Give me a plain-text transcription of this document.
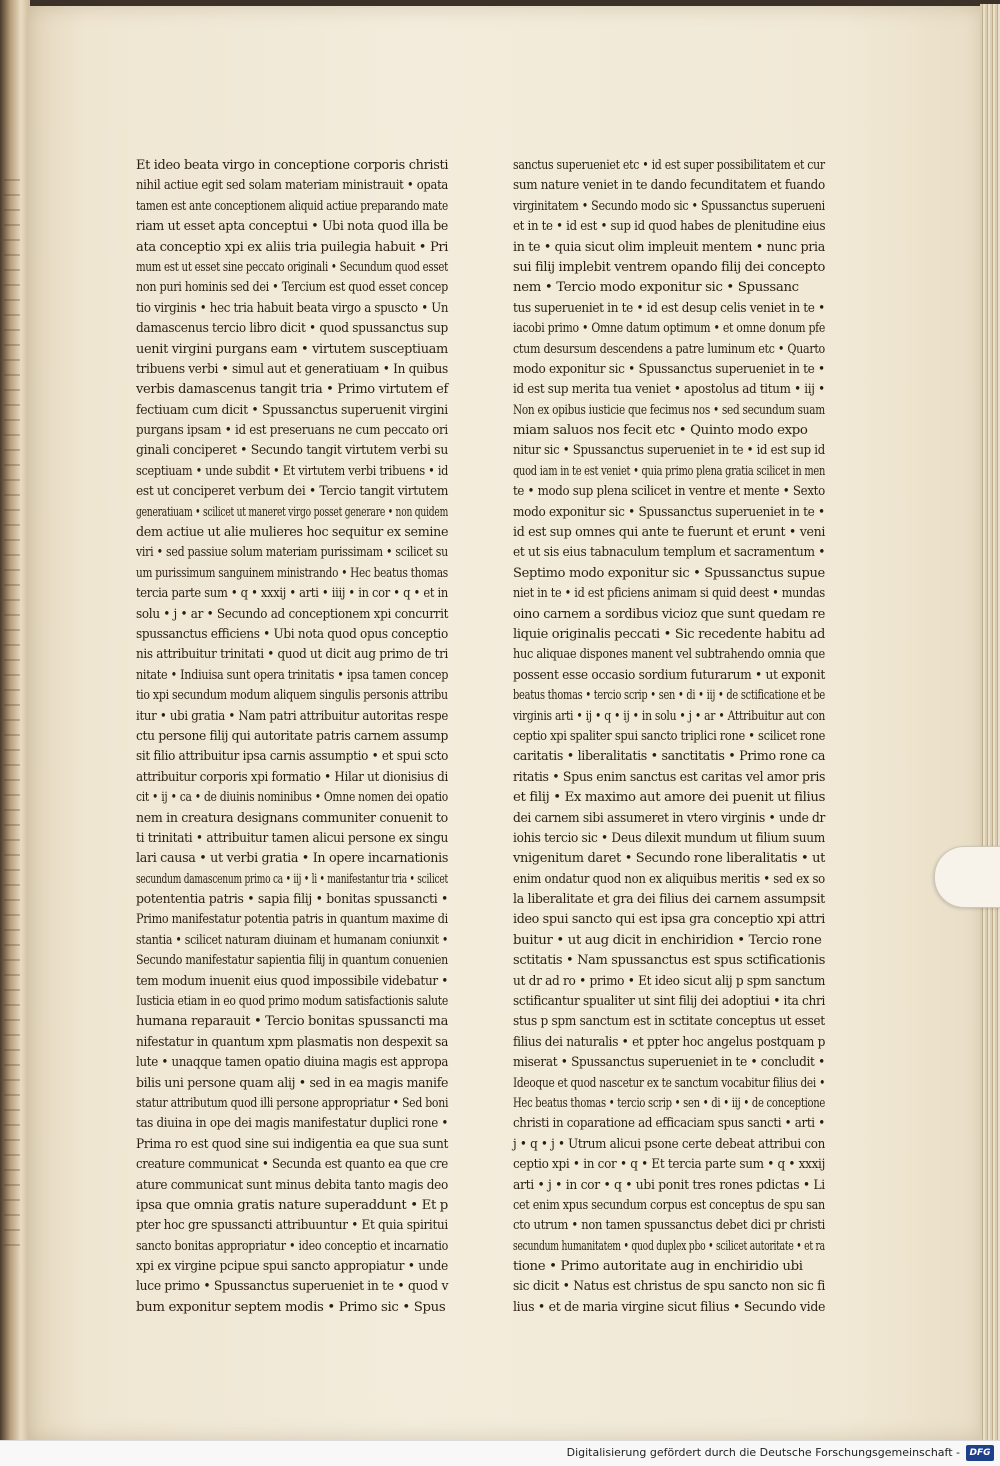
Et ideo beata virgo in conceptione corporis christi
nihil actiue egit sed solam materiam ministrauit • opata
tamen est ante conceptionem aliquid actiue preparando mate
riam ut esset apta conceptui • Ubi nota quod illa be
ata conceptio xpi ex aliis tria puilegia habuit • Pri
mum est ut esset sine peccato originali • Secundum quod esset
non puri hominis sed dei • Tercium est quod esset concep
tio virginis • hec tria habuit beata virgo a spuscto • Un
damascenus tercio libro dicit • quod spussanctus sup
uenit virgini purgans eam • virtutem susceptiuam
tribuens verbi • simul aut et generatiuam • In quibus
verbis damascenus tangit tria • Primo virtutem ef
fectiuam cum dicit • Spussanctus superuenit virgini
purgans ipsam • id est preseruans ne cum peccato ori
ginali conciperet • Secundo tangit virtutem verbi su
sceptiuam • unde subdit • Et virtutem verbi tribuens • id
est ut conciperet verbum dei • Tercio tangit virtutem
generatiuam • scilicet ut maneret virgo posset generare • non quidem
dem actiue ut alie mulieres hoc sequitur ex semine
viri • sed passiue solum materiam purissimam • scilicet su
um purissimum sanguinem ministrando • Hec beatus thomas
tercia parte sum • q • xxxij • arti • iiij • in cor • q • et in
solu • j • ar • Secundo ad conceptionem xpi concurrit
spussanctus efficiens • Ubi nota quod opus conceptio
nis attribuitur trinitati • quod ut dicit aug primo de tri
nitate • Indiuisa sunt opera trinitatis • ipsa tamen concep
tio xpi secundum modum aliquem singulis personis attribu
itur • ubi gratia • Nam patri attribuitur autoritas respe
ctu persone filij qui autoritate patris carnem assump
sit filio attribuitur ipsa carnis assumptio • et spui scto
attribuitur corporis xpi formatio • Hilar ut dionisius di
cit • ij • ca • de diuinis nominibus • Omne nomen dei opatio
nem in creatura designans communiter conuenit to
ti trinitati • attribuitur tamen alicui persone ex singu
lari causa • ut verbi gratia • In opere incarnationis
secundum damascenum primo ca • iij • li • manifestantur tria • scilicet
potententia patris • sapia filij • bonitas spussancti •
Primo manifestatur potentia patris in quantum maxime di
stantia • scilicet naturam diuinam et humanam coniunxit •
Secundo manifestatur sapientia filij in quantum conuenien
tem modum inuenit eius quod impossibile videbatur •
Iusticia etiam in eo quod primo modum satisfactionis salute
humana reparauit • Tercio bonitas spussancti ma
nifestatur in quantum xpm plasmatis non despexit sa
lute • unaqque tamen opatio diuina magis est appropa
bilis uni persone quam alij • sed in ea magis manife
statur attributum quod illi persone appropriatur • Sed boni
tas diuina in ope dei magis manifestatur duplici rone •
Prima ro est quod sine sui indigentia ea que sua sunt
creature communicat • Secunda est quanto ea que cre
ature communicat sunt minus debita tanto magis deo
ipsa que omnia gratis nature superaddunt • Et p
pter hoc gre spussancti attribuuntur • Et quia spiritui
sancto bonitas appropriatur • ideo conceptio et incarnatio
xpi ex virgine pcipue spui sancto appropiatur • unde
luce primo • Spussanctus superueniet in te • quod v
bum exponitur septem modis • Primo sic • Spus
sanctus superueniet etc • id est super possibilitatem et cur
sum nature veniet in te dando fecunditatem et fuando
virginitatem • Secundo modo sic • Spussanctus superueni
et in te • id est • sup id quod habes de plenitudine eius
in te • quia sicut olim impleuit mentem • nunc pria
sui filij implebit ventrem opando filij dei concepto
nem • Tercio modo exponitur sic • Spussanc
tus superueniet in te • id est desup celis veniet in te •
iacobi primo • Omne datum optimum • et omne donum pfe
ctum desursum descendens a patre luminum etc • Quarto
modo exponitur sic • Spussanctus superueniet in te •
id est sup merita tua veniet • apostolus ad titum • iij •
Non ex opibus iusticie que fecimus nos • sed secundum suam
miam saluos nos fecit etc • Quinto modo expo
nitur sic • Spussanctus superueniet in te • id est sup id
quod iam in te est veniet • quia primo plena gratia scilicet in men
te • modo sup plena scilicet in ventre et mente • Sexto
modo exponitur sic • Spussanctus superueniet in te •
id est sup omnes qui ante te fuerunt et erunt • veni
et ut sis eius tabnaculum templum et sacramentum •
Septimo modo exponitur sic • Spussanctus supue
niet in te • id est pficiens animam si quid deest • mundas
oino carnem a sordibus vicioz que sunt quedam re
liquie originalis peccati • Sic recedente habitu ad
huc aliquae dispones manent vel subtrahendo omnia que
possent esse occasio sordium futurarum • ut exponit
beatus thomas • tercio scrip • sen • di • iij • de sctificatione et be
virginis arti • ij • q • ij • in solu • j • ar • Attribuitur aut con
ceptio xpi spaliter spui sancto triplici rone • scilicet rone
caritatis • liberalitatis • sanctitatis • Primo rone ca
ritatis • Spus enim sanctus est caritas vel amor pris
et filij • Ex maximo aut amore dei puenit ut filius
dei carnem sibi assumeret in vtero virginis • unde dr
iohis tercio sic • Deus dilexit mundum ut filium suum
vnigenitum daret • Secundo rone liberalitatis • ut
enim ondatur quod non ex aliquibus meritis • sed ex so
la liberalitate et gra dei filius dei carnem assumpsit
ideo spui sancto qui est ipsa gra conceptio xpi attri
buitur • ut aug dicit in enchiridion • Tercio rone
sctitatis • Nam spussanctus est spus sctificationis
ut dr ad ro • primo • Et ideo sicut alij p spm sanctum
sctificantur spualiter ut sint filij dei adoptiui • ita chri
stus p spm sanctum est in sctitate conceptus ut esset
filius dei naturalis • et ppter hoc angelus postquam p
miserat • Spussanctus superueniet in te • concludit •
Ideoque et quod nascetur ex te sanctum vocabitur filius dei •
Hec beatus thomas • tercio scrip • sen • di • iij • de conceptione
christi in coparatione ad efficaciam spus sancti • arti •
j • q • j • Utrum alicui psone certe debeat attribui con
ceptio xpi • in cor • q • Et tercia parte sum • q • xxxij
arti • j • in cor • q • ubi ponit tres rones pdictas • Li
cet enim xpus secundum corpus est conceptus de spu san
cto utrum • non tamen spussanctus debet dici pr christi
secundum humanitatem • quod duplex pbo • scilicet autoritate • et ra
tione • Primo autoritate aug in enchiridio ubi
sic dicit • Natus est christus de spu sancto non sic fi
lius • et de maria virgine sicut filius • Secundo vide
Digitalisierung gefördert durch die Deutsche Forschungsgemeinschaft -	DFG
